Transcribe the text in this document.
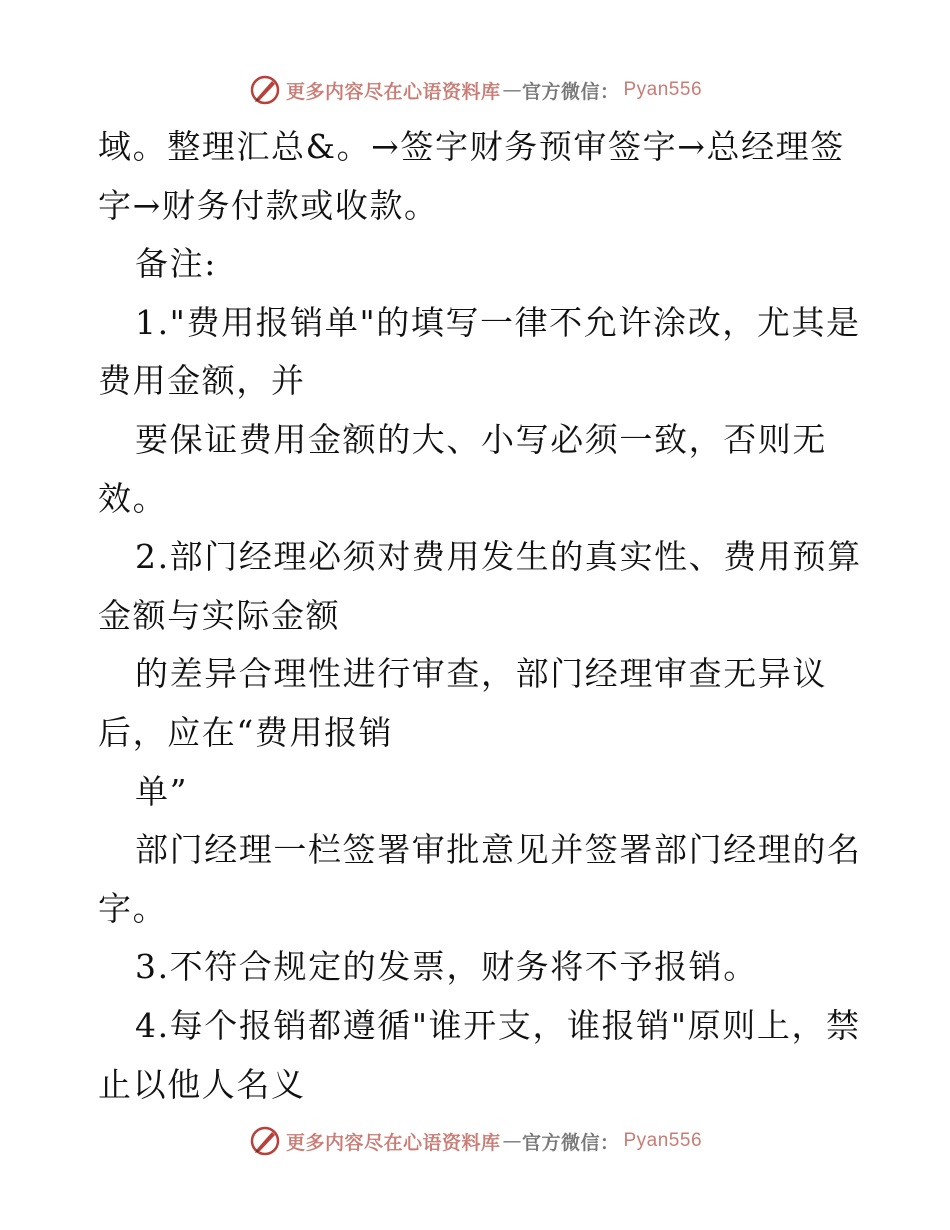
更多内容尽在心语资料库 — 官方微信： Pyan556
域。整理汇总&。→签字财务预审签字→总经理签
字→财务付款或收款。
备注:
1."费用报销单"的填写一律不允许涂改，尤其是
费用金额，并
要保证费用金额的大、小写必须一致，否则无
效。
2.部门经理必须对费用发生的真实性、费用预算
金额与实际金额
的差异合理性进行审查，部门经理审查无异议
后，应在“费用报销
单”
部门经理一栏签署审批意见并签署部门经理的名
字。
3.不符合规定的发票，财务将不予报销。
4.每个报销都遵循"谁开支，谁报销"原则上，禁
止以他人名义
更多内容尽在心语资料库 — 官方微信： Pyan556
